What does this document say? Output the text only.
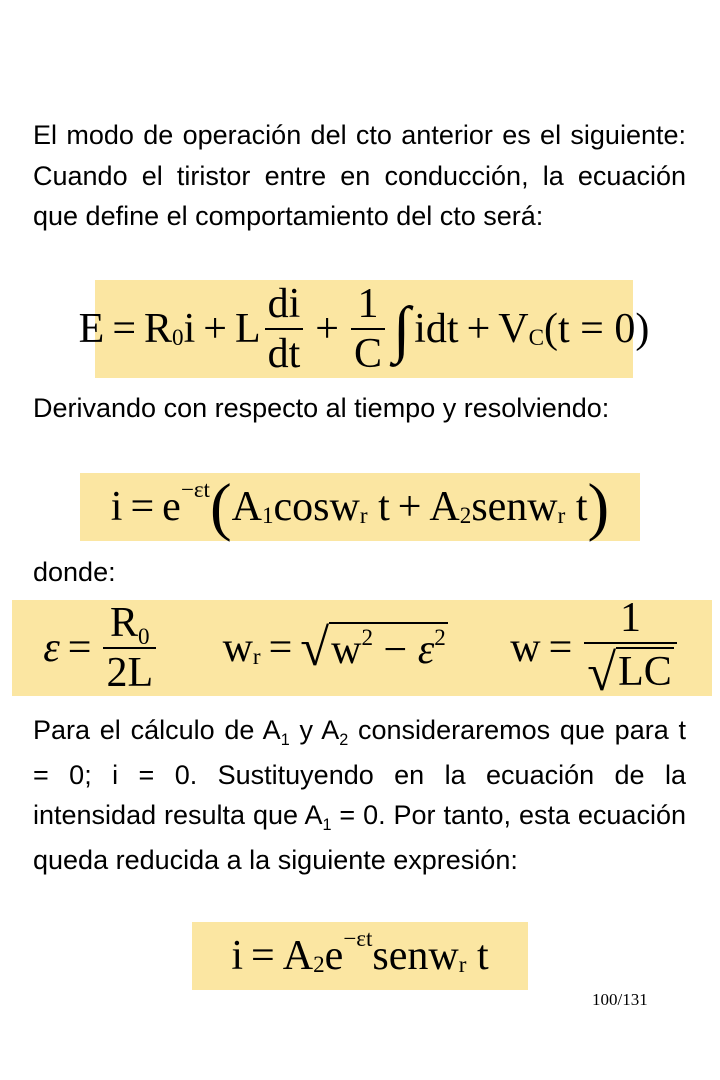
El modo de operación del cto anterior es el siguiente: Cuando el tiristor entre en conducción, la ecuación que define el comportamiento del cto será:

E = R 0 i + L $\frac{di}{dt} + \frac{1}{C}$ ∫ idt + V C (t = 0)

Derivando con respecto al tiempo y resolviendo:

i = e −εt ( A 1 cosw r
t + A 2 senw r
t )

donde:

$\varepsilon = \frac{R0}{2L}$ w r = √ $w^2 - \varepsilon^2$ $w = \frac{1}{√ LC}$

Para el cálculo de $A_1$ y $A_2$ consideraremos que para t = 0; i = 0. Sustituyendo en la ecuación de la intensidad resulta que $A_1 = 0$. Por tanto, esta ecuación queda reducida a la siguiente expresión:

i = A 2 e −εt senw r
t
100/131
